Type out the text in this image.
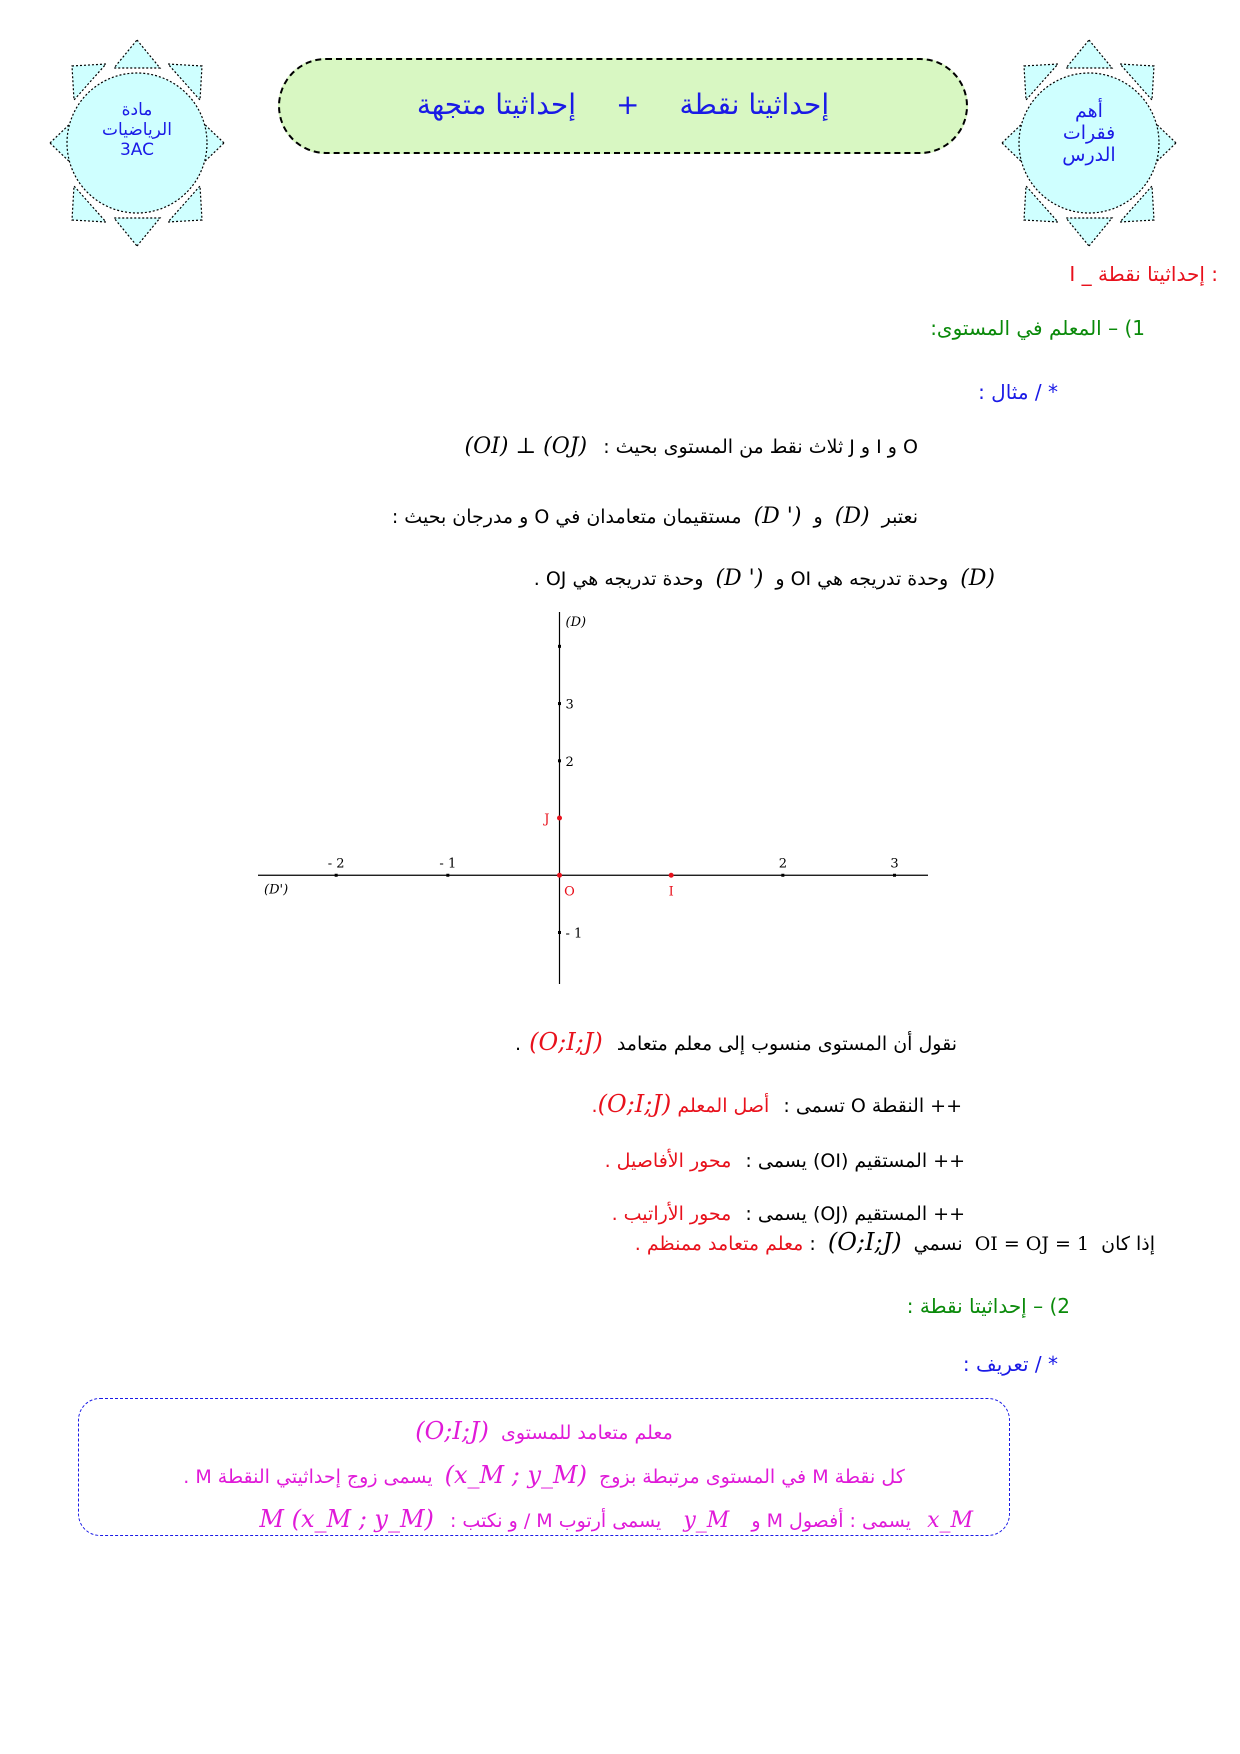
مادة
الرياضيات
3AC
أهم
فقرات
الدرس
إحداثيتا نقطة+إحداثيتا متجهة
I _ إحداثيتا نقطة :
1) – المعلم في المستوى:
* / مثال :
O و I و J ثلاث نقط من المستوى بحيث : (OI) ⊥ (OJ)
نعتبر (D) و (D ') مستقيمان متعامدان في O و مدرجان بحيث :
(D) وحدة تدريجه هي OI و (D ') وحدة تدريجه هي OJ .
(D')
(D)
- 2	- 1	2	3
- 1
2
3
O	I
J
نقول أن المستوى منسوب إلى معلم متعامد (O;I;J).
++ النقطة O تسمى : أصل المعلم (O;I;J).
++ المستقيم (OI) يسمى : محور الأفاصيل .
++ المستقيم (OJ) يسمى : محور الأراتيب .
إذا كان OI = OJ = 1 نسمي (O;I;J) : معلم متعامد ممنظم .
2) – إحداثيتا نقطة :
* / تعريف :
معلم متعامد للمستوى (O;I;J)
كل نقطة M في المستوى مرتبطة بزوج (x_M ; y_M) يسمى زوج إحداثيتي النقطة M .
x_M يسمى : أفصول M و y_M يسمى أرتوب M / و نكتب : M (x_M ; y_M)
